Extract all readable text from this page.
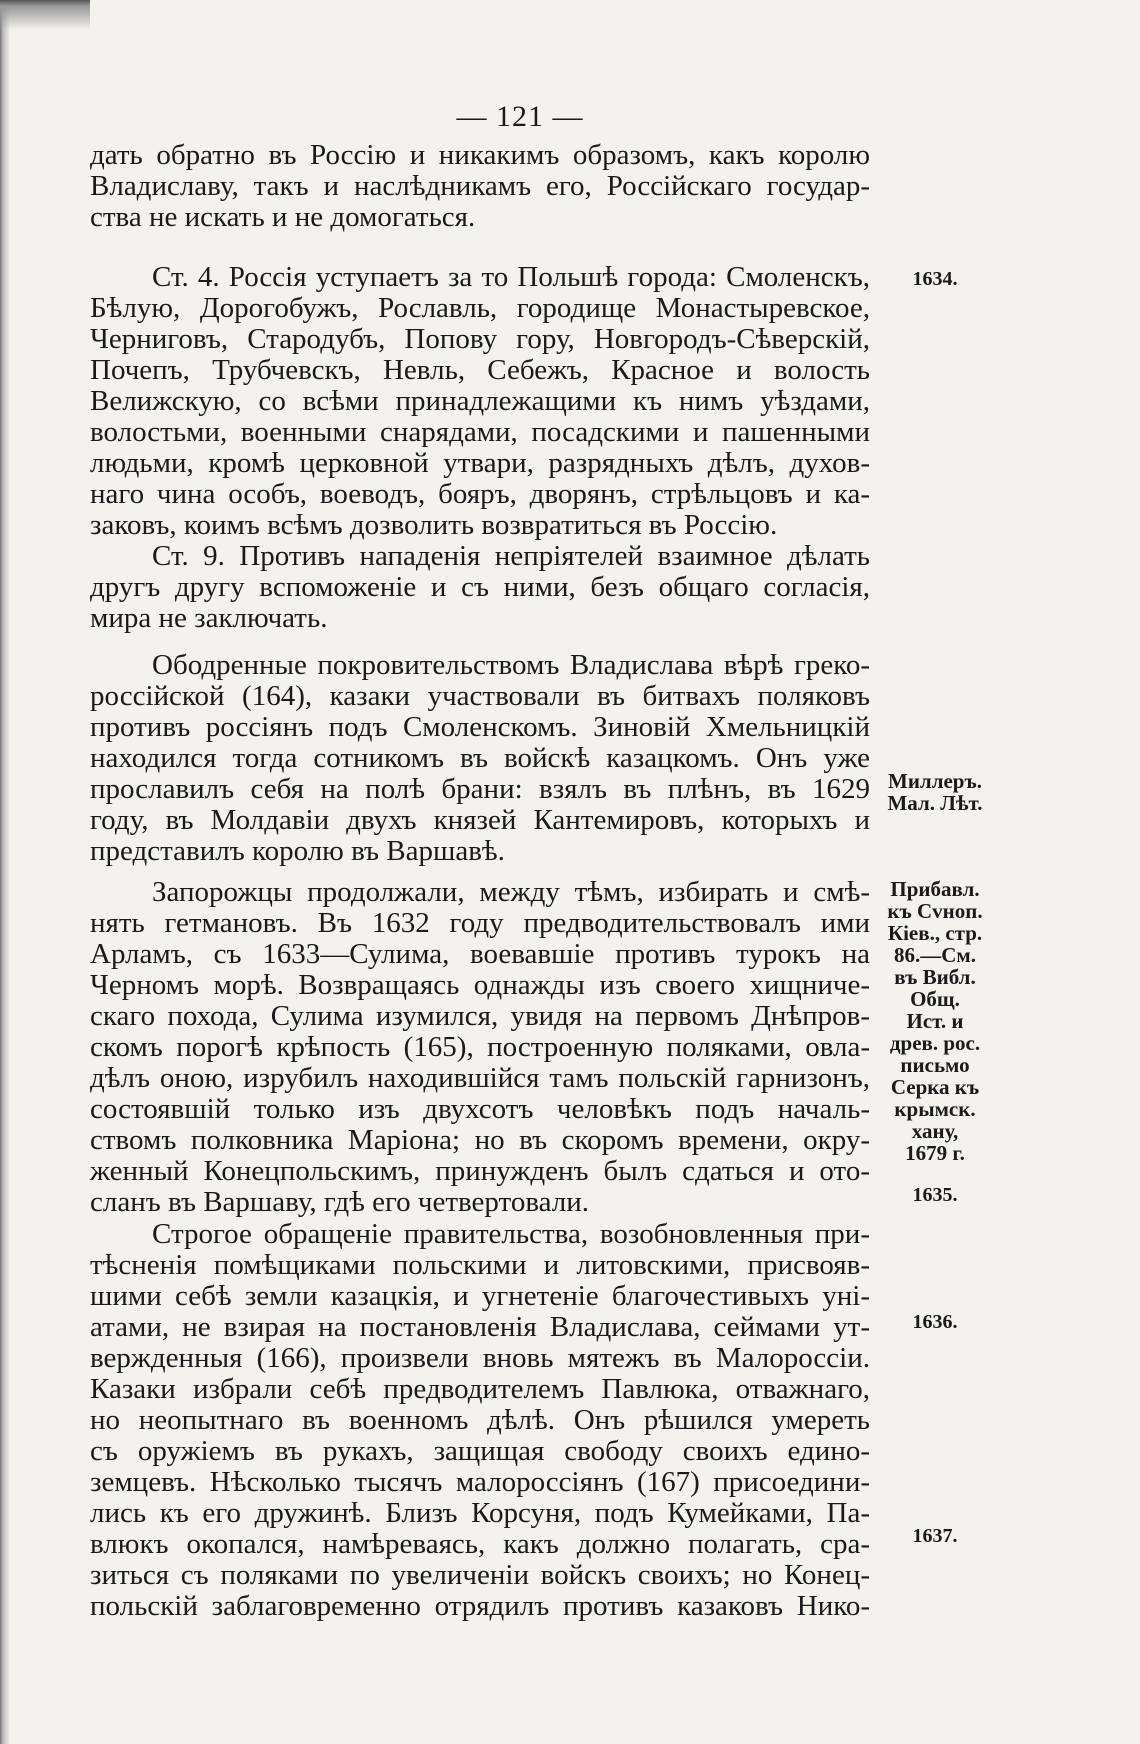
— 121 —
дать обратно въ Россію и никакимъ образомъ, какъ королю
Владиславу, такъ и наслѣдникамъ его, Россійскаго государ-
ства не искать и не домогаться.
Ст. 4. Россія уступаетъ за то Польшѣ города: Смоленскъ,
Бѣлую, Дорогобужъ, Рославль, городище Монастыревское,
Черниговъ, Стародубъ, Попову гору, Новгородъ-Сѣверскій,
Почепъ, Трубчевскъ, Невль, Себежъ, Красное и волость
Велижскую, со всѣми принадлежащими къ нимъ уѣздами,
волостьми, военными снарядами, посадскими и пашенными
людьми, кромѣ церковной утвари, разрядныхъ дѣлъ, духов-
наго чина особъ, воеводъ, бояръ, дворянъ, стрѣльцовъ и ка-
заковъ, коимъ всѣмъ дозволить возвратиться въ Россію.
Ст. 9. Противъ нападенія непріятелей взаимное дѣлать
другъ другу вспоможеніе и съ ними, безъ общаго согласія,
мира не заключать.
Ободренные покровительствомъ Владислава вѣрѣ греко-
россійской (164), казаки участвовали въ битвахъ поляковъ
противъ россіянъ подъ Смоленскомъ. Зиновій Хмельницкій
находился тогда сотникомъ въ войскѣ казацкомъ. Онъ уже
прославилъ себя на полѣ брани: взялъ въ плѣнъ, въ 1629
году, въ Молдавіи двухъ князей Кантемировъ, которыхъ и
представилъ королю въ Варшавѣ.
Запорожцы продолжали, между тѣмъ, избирать и смѣ-
нять гетмановъ. Въ 1632 году предводительствовалъ ими
Арламъ, съ 1633—Сулима, воевавшіе противъ турокъ на
Черномъ морѣ. Возвращаясь однажды изъ своего хищниче-
скаго похода, Сулима изумился, увидя на первомъ Днѣпров-
скомъ порогѣ крѣпость (165), построенную поляками, овла-
дѣлъ оною, изрубилъ находившійся тамъ польскій гарнизонъ,
состоявшій только изъ двухсотъ человѣкъ подъ началь-
ствомъ полковника Маріона; но въ скоромъ времени, окру-
женный Конецпольскимъ, принужденъ былъ сдаться и ото-
сланъ въ Варшаву, гдѣ его четвертовали.
Строгое обращеніе правительства, возобновленныя при-
тѣсненія помѣщиками польскими и литовскими, присвояв-
шими себѣ земли казацкія, и угнетеніе благочестивыхъ уні-
атами, не взирая на постановленія Владислава, сеймами ут-
вержденныя (166), произвели вновь мятежъ въ Малороссіи.
Казаки избрали себѣ предводителемъ Павлюка, отважнаго,
но неопытнаго въ военномъ дѣлѣ. Онъ рѣшился умереть
съ оружіемъ въ рукахъ, защищая свободу своихъ едино-
земцевъ. Нѣсколько тысячъ малороссіянъ (167) присоедини-
лись къ его дружинѣ. Близъ Корсуня, подъ Кумейками, Па-
влюкъ окопался, намѣреваясь, какъ должно полагать, сра-
зиться съ поляками по увеличеніи войскъ своихъ; но Конец-
польскій заблаговременно отрядилъ противъ казаковъ Нико-
1634.
Миллеръ.
Мал. Лѣт.
Прибавл.
къ Сvноп.
Кіев., стр.
86.—См.
въ Вибл.
Общ.
Ист. и
древ. рос.
письмо
Серка къ
крымск.
хану,
1679 г.
1635.
1636.
1637.
